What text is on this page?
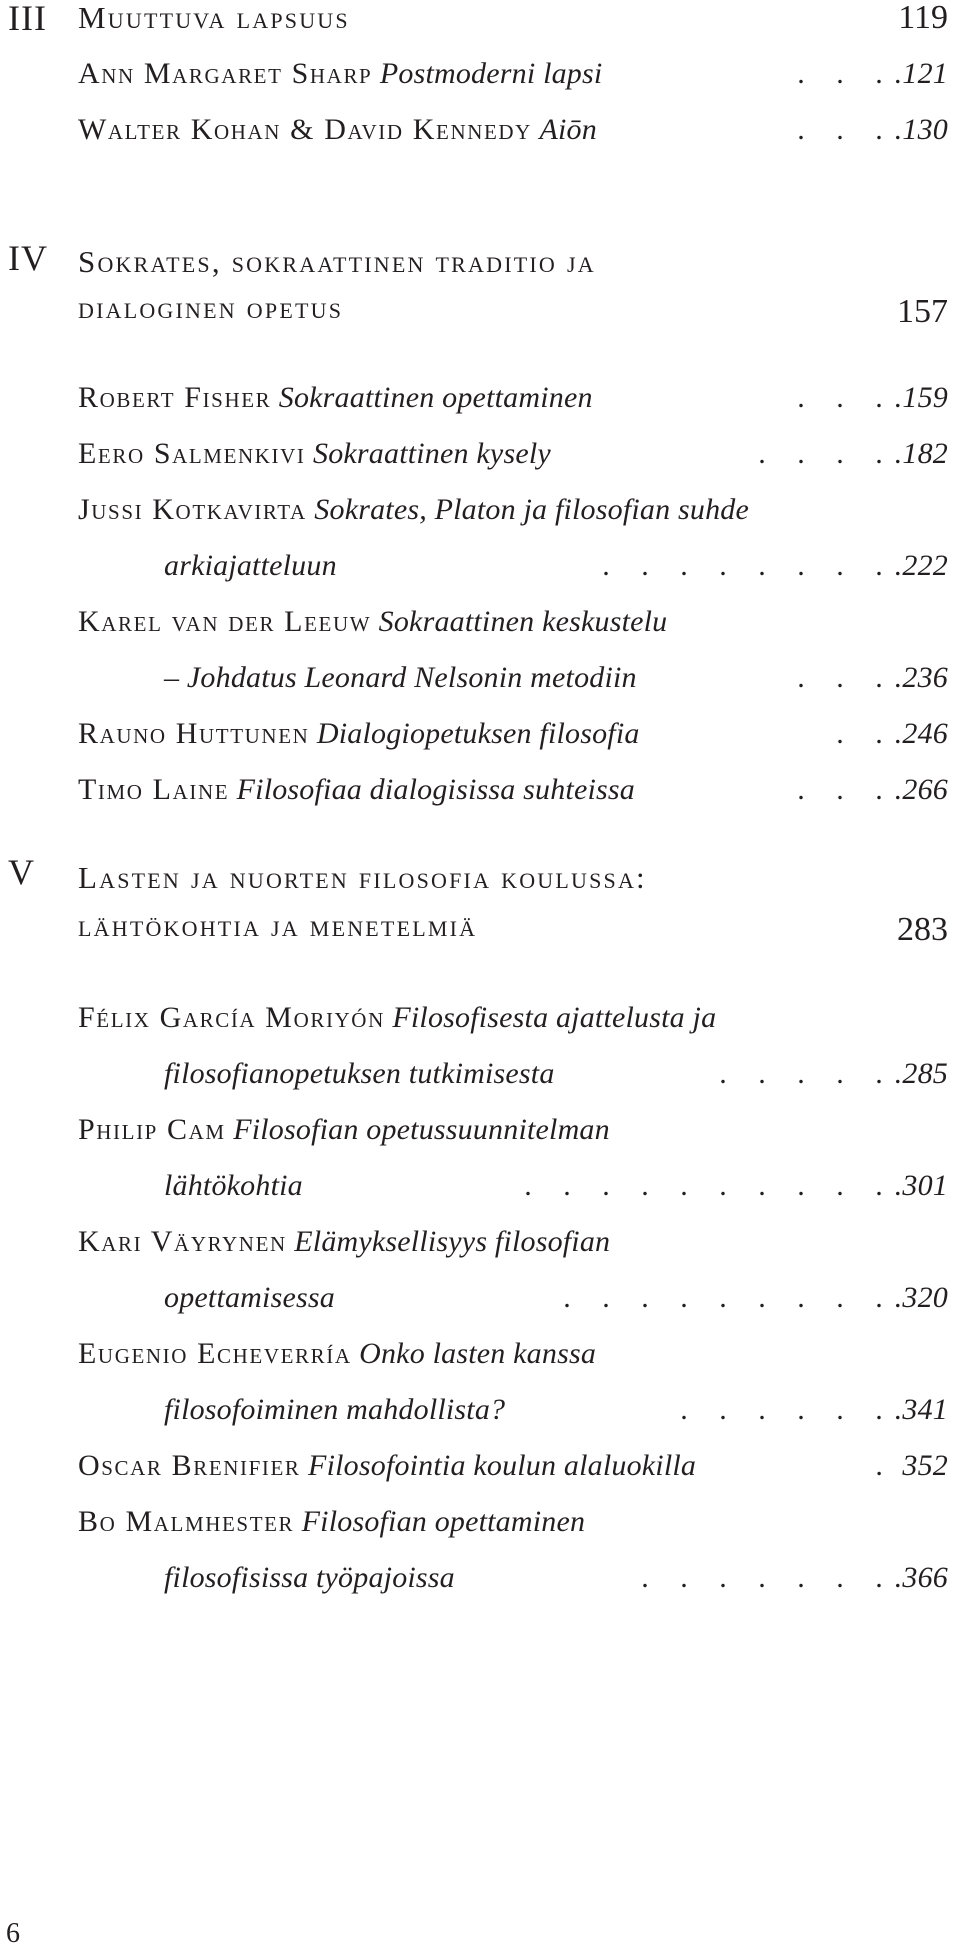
III Muuttuva lapsuus	119
Ann Margaret Sharp Postmoderni lapsi	. . ..121
Walter Kohan & David Kennedy Aiōn	. . ..130
IV Sokrates, sokraattinen traditio ja
dialoginen opetus	157
Robert Fisher Sokraattinen opettaminen	. . ..159
Eero Salmenkivi Sokraattinen kysely	. . . ..182
Jussi Kotkavirta Sokrates, Platon ja filosofian suhde
arkiajatteluun	. . . . . . . ..222
Karel van der Leeuw Sokraattinen keskustelu
– Johdatus Leonard Nelsonin metodiin	. . ..236
Rauno Huttunen Dialogiopetuksen filosofia	. ..246
Timo Laine Filosofiaa dialogisissa suhteissa	. . ..266
V Lasten ja nuorten filosofia koulussa:
lähtökohtia ja menetelmiä	283
Félix García Moriyón Filosofisesta ajattelusta ja
filosofianopetuksen tutkimisesta	. . . . ..285
Philip Cam Filosofian opetussuunnitelman
lähtökohtia	. . . . . . . . . ..301
Kari Väyrynen Elämyksellisyys filosofian
opettamisessa	. . . . . . . . ..320
Eugenio Echeverría Onko lasten kanssa
filosofoiminen mahdollista?	. . . . . ..341
Oscar Brenifier Filosofointia koulun alaluokilla	. 352
Bo Malmhester Filosofian opettaminen
filosofisissa työpajoissa	. . . . . . ..366
6
